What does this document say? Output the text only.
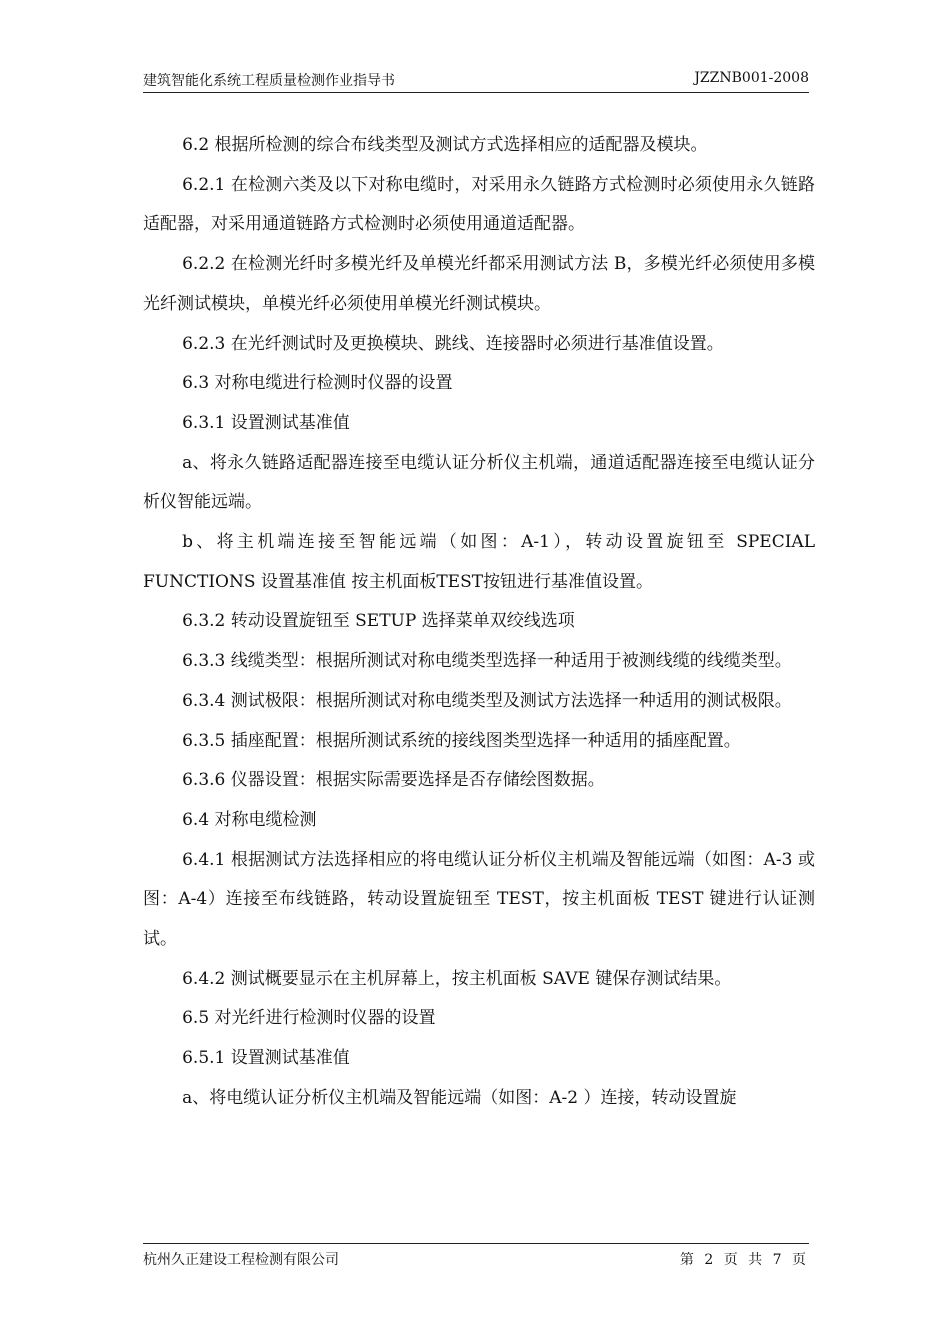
建筑智能化系统工程质量检测作业指导书	JZZNB001-2008

6.2 根据所检测的综合布线类型及测试方式选择相应的适配器及模块。

6.2.1 在检测六类及以下对称电缆时，对采用永久链路方式检测时必须使用永久链路适配器，对采用通道链路方式检测时必须使用通道适配器。

6.2.2 在检测光纤时多模光纤及单模光纤都采用测试方法 B，多模光纤必须使用多模光纤测试模块，单模光纤必须使用单模光纤测试模块。

6.2.3 在光纤测试时及更换模块、跳线、连接器时必须进行基准值设置。

6.3 对称电缆进行检测时仪器的设置

6.3.1 设置测试基准值

a、将永久链路适配器连接至电缆认证分析仪主机端，通道适配器连接至电缆认证分析仪智能远端。

b、将主机端连接至智能远端（如图：A-1），转动设置旋钮至 SPECIAL FUNCTIONS 设置基准值 按主机面板TEST按钮进行基准值设置。

6.3.2 转动设置旋钮至 SETUP 选择菜单双绞线选项

6.3.3 线缆类型：根据所测试对称电缆类型选择一种适用于被测线缆的线缆类型。

6.3.4 测试极限：根据所测试对称电缆类型及测试方法选择一种适用的测试极限。

6.3.5 插座配置：根据所测试系统的接线图类型选择一种适用的插座配置。

6.3.6 仪器设置：根据实际需要选择是否存储绘图数据。

6.4 对称电缆检测

6.4.1 根据测试方法选择相应的将电缆认证分析仪主机端及智能远端（如图：A-3 或图：A-4）连接至布线链路，转动设置旋钮至 TEST，按主机面板 TEST 键进行认证测试。

6.4.2 测试概要显示在主机屏幕上，按主机面板 SAVE 键保存测试结果。

6.5 对光纤进行检测时仪器的设置

6.5.1 设置测试基准值

a、将电缆认证分析仪主机端及智能远端（如图：A-2 ）连接，转动设置旋

杭州久正建设工程检测有限公司	第 2 页 共 7 页
